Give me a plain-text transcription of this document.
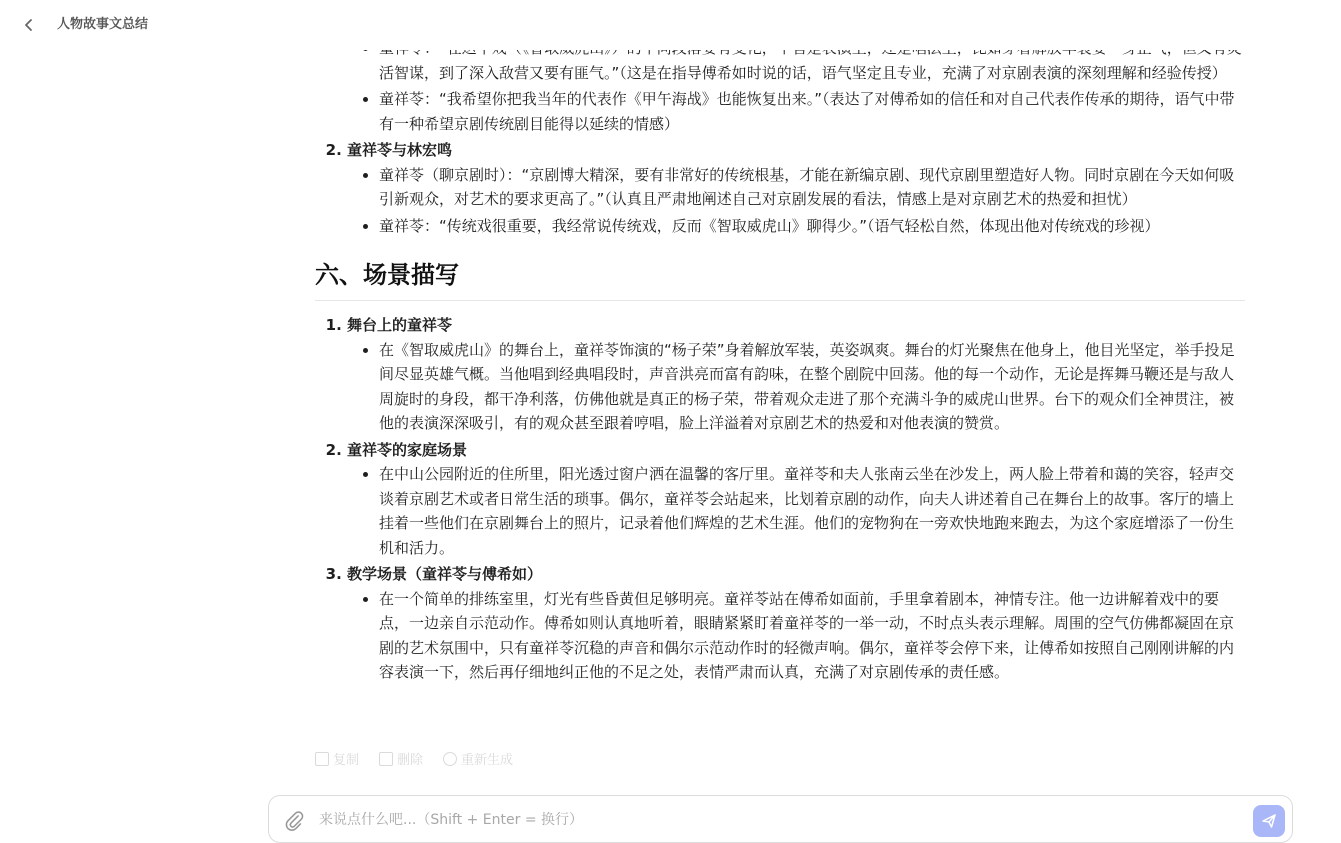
人物故事文总结
• 活智谋，到了深入敌营又要有匪气。”（这是在指导傅希如时说的话，语气坚定且专业，充满了对京剧表演的深刻理解和经验传授）
• 童祥苓：“我希望你把我当年的代表作《甲午海战》也能恢复出来。”（表达了对傅希如的信任和对自己代表作传承的期待，语气中带有一种希望京剧传统剧目能得以延续的情感）
2. 童祥苓与林宏鸣
• 童祥苓（聊京剧时）：“京剧博大精深，要有非常好的传统根基，才能在新编京剧、现代京剧里塑造好人物。同时京剧在今天如何吸引新观众，对艺术的要求更高了。”（认真且严肃地阐述自己对京剧发展的看法，情感上是对京剧艺术的热爱和担忧）
• 童祥苓：“传统戏很重要，我经常说传统戏，反而《智取威虎山》聊得少。”（语气轻松自然，体现出他对传统戏的珍视）
六、场景描写
1. 舞台上的童祥苓
• 在《智取威虎山》的舞台上，童祥苓饰演的“杨子荣”身着解放军装，英姿飒爽。舞台的灯光聚焦在他身上，他目光坚定，举手投足间尽显英雄气概。当他唱到经典唱段时，声音洪亮而富有韵味，在整个剧院中回荡。他的每一个动作，无论是挥舞马鞭还是与敌人周旋时的身段，都干净利落，仿佛他就是真正的杨子荣，带着观众走进了那个充满斗争的威虎山世界。台下的观众们全神贯注，被他的表演深深吸引，有的观众甚至跟着哼唱，脸上洋溢着对京剧艺术的热爱和对他表演的赞赏。
2. 童祥苓的家庭场景
• 在中山公园附近的住所里，阳光透过窗户洒在温馨的客厅里。童祥苓和夫人张南云坐在沙发上，两人脸上带着和蔼的笑容，轻声交谈着京剧艺术或者日常生活的琐事。偶尔，童祥苓会站起来，比划着京剧的动作，向夫人讲述着自己在舞台上的故事。客厅的墙上挂着一些他们在京剧舞台上的照片，记录着他们辉煌的艺术生涯。他们的宠物狗在一旁欢快地跑来跑去，为这个家庭增添了一份生机和活力。
3. 教学场景（童祥苓与傅希如）
• 在一个简单的排练室里，灯光有些昏黄但足够明亮。童祥苓站在傅希如面前，手里拿着剧本，神情专注。他一边讲解着戏中的要点，一边亲自示范动作。傅希如则认真地听着，眼睛紧紧盯着童祥苓的一举一动，不时点头表示理解。周围的空气仿佛都凝固在京剧的艺术氛围中，只有童祥苓沉稳的声音和偶尔示范动作时的轻微声响。偶尔，童祥苓会停下来，让傅希如按照自己刚刚讲解的内容表演一下，然后再仔细地纠正他的不足之处，表情严肃而认真，充满了对京剧传承的责任感。
复制	删除	重新生成
来说点什么吧...（Shift + Enter = 换行）
